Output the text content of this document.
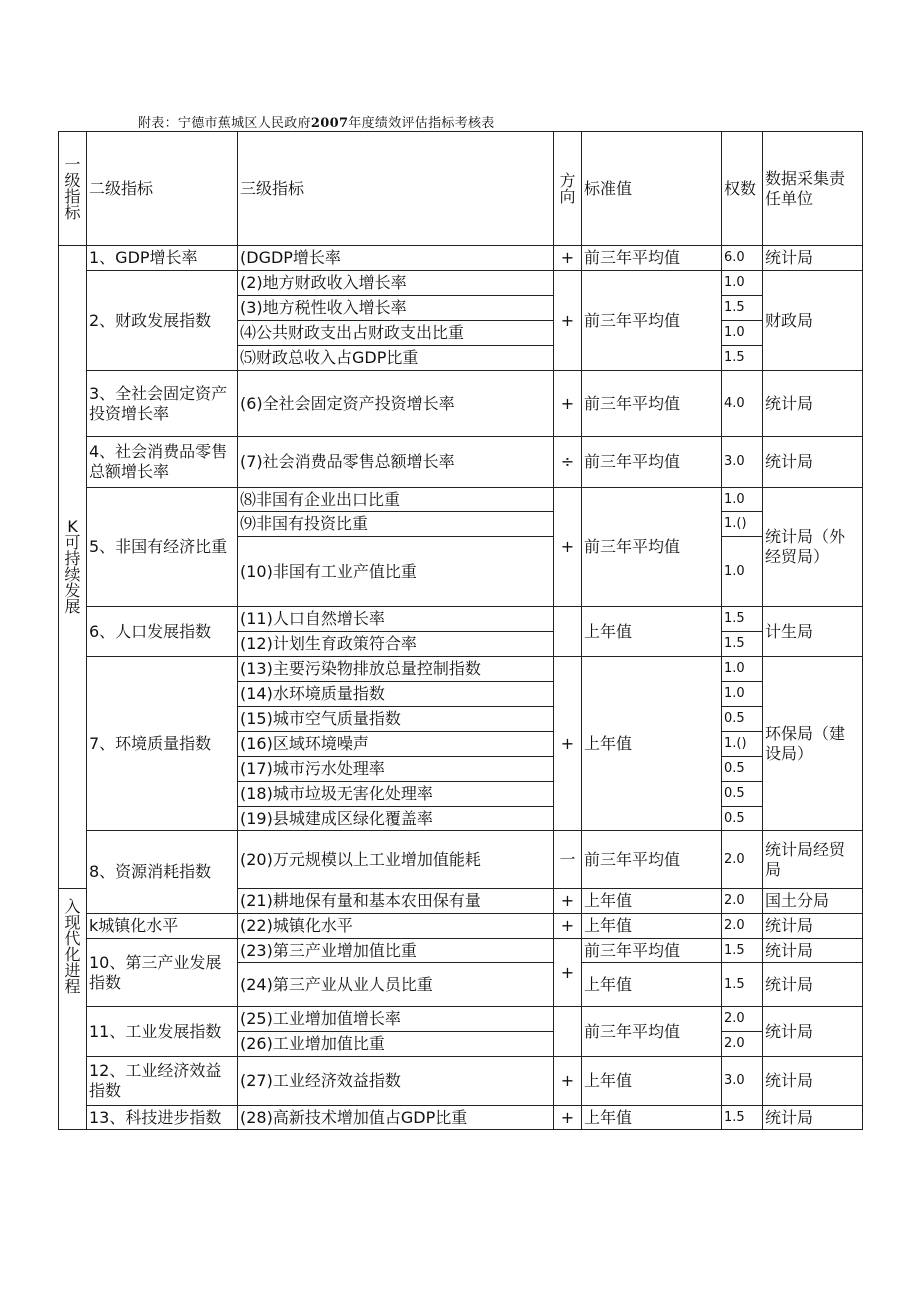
附表：宁德市蕉城区人民政府2007年度绩效评估指标考核表
一级指标	二级指标	三级指标	方向	标准值	权数	数据采集责任单位

K可持续发展	1、GDP增长率	(DGDP增长率	+	前三年平均值	6.0	统计局
	2、财政发展指数	(2)地方财政收入增长率	+	前三年平均值	1.0	财政局
		(3)地方税性收入增长率			1.5	
		⑷公共财政支出占财政支出比重			1.0	
		⑸财政总收入占GDP比重			1.5	
	3、全社会固定资产投资增长率	(6)全社会固定资产投资增长率	+	前三年平均值	4.0	统计局
	4、社会消费品零售总额增长率	(7)社会消费品零售总额增长率	÷	前三年平均值	3.0	统计局
	5、非国有经济比重	⑻非国有企业出口比重	+	前三年平均值	1.0	统计局（外经贸局）
		⑼非国有投资比重			1.()	
		(10)非国有工业产值比重			1.0	
	6、人口发展指数	(11)人口自然增长率		上年值	1.5	计生局
		(12)计划生育政策符合率			1.5	
	7、环境质量指数	(13)主要污染物排放总量控制指数	+	上年值	1.0	环保局（建设局）
		(14)水环境质量指数			1.0	
		(15)城市空气质量指数			0.5	
		(16)区域环境噪声			1.()	
		(17)城市污水处理率			0.5	
		(18)城市垃圾无害化处理率			0.5	
		(19)县城建成区绿化覆盖率			0.5	
	8、资源消耗指数	(20)万元规模以上工业增加值能耗	一	前三年平均值	2.0	统计局经贸局

入现代化进程		(21)耕地保有量和基本农田保有量	+	上年值	2.0	国土分局
	k城镇化水平	(22)城镇化水平	+	上年值	2.0	统计局
	10、第三产业发展指数	(23)第三产业增加值比重	+	前三年平均值	1.5	统计局
		(24)第三产业从业人员比重		上年值	1.5	统计局
	11、工业发展指数	(25)工业增加值增长率		前三年平均值	2.0	统计局
		(26)工业增加值比重			2.0	
	12、工业经济效益指数	(27)工业经济效益指数	+	上年值	3.0	统计局
	13、科技进步指数	(28)高新技术增加值占GDP比重	+	上年值	1.5	统计局
